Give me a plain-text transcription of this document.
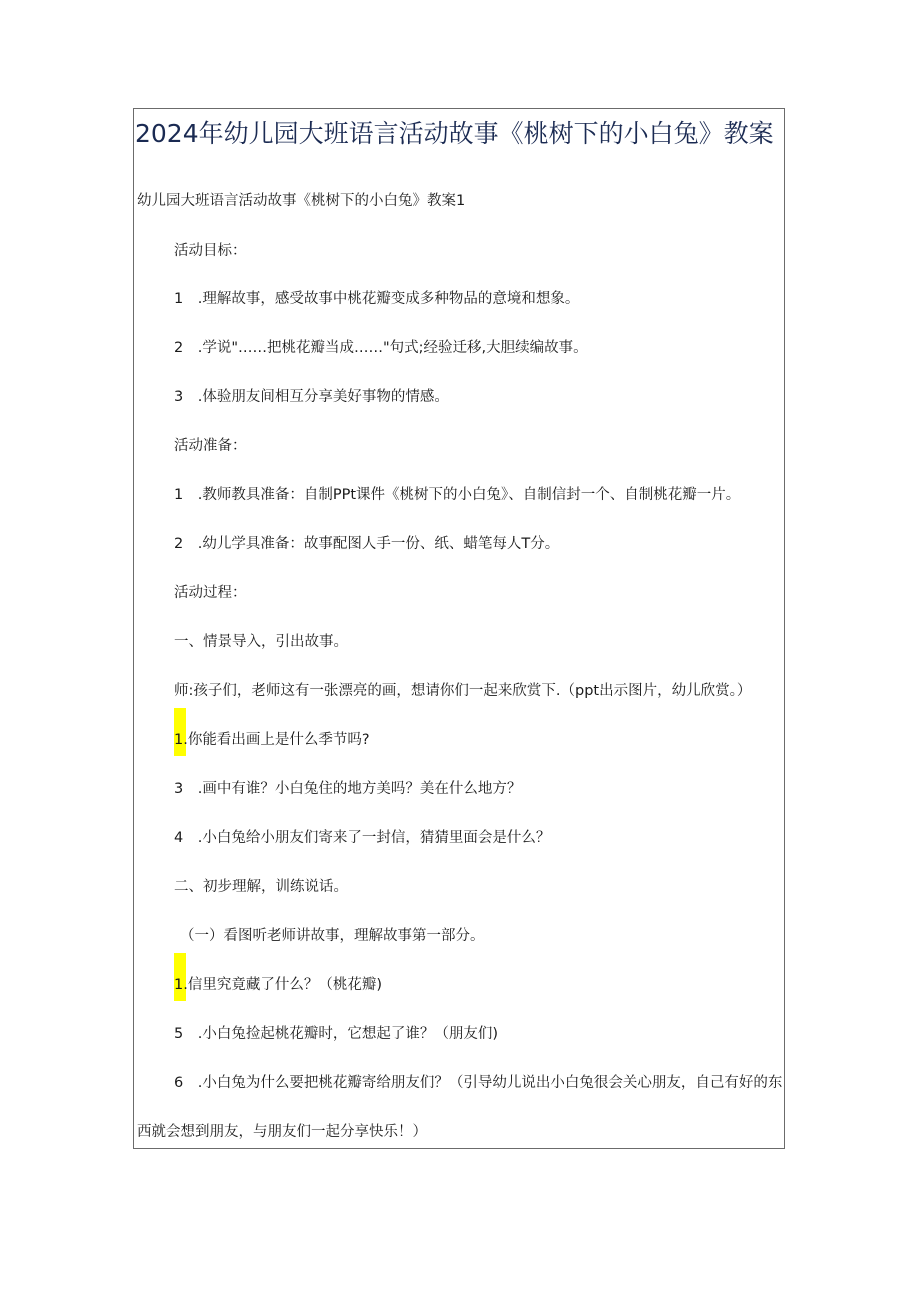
2024年幼儿园大班语言活动故事《桃树下的小白兔》教案
幼儿园大班语言活动故事《桃树下的小白兔》教案1
活动目标：
1　.理解故事，感受故事中桃花瓣变成多种物品的意境和想象。
2　.学说"……把桃花瓣当成……"句式;经验迁移,大胆续编故事。
3　.体验朋友间相互分享美好事物的情感。
活动准备：
1　.教师教具准备：自制PPt课件《桃树下的小白兔》、自制信封一个、自制桃花瓣一片。
2　.幼儿学具准备：故事配图人手一份、纸、蜡笔每人T分。
活动过程：
一、情景导入，引出故事。
师:孩子们，老师这有一张漂亮的画，想请你们一起来欣赏下.（ppt出示图片，幼儿欣赏。）
1.你能看出画上是什么季节吗?
3　.画中有谁？小白兔住的地方美吗？美在什么地方？
4　.小白兔给小朋友们寄来了一封信，猜猜里面会是什么？
二、初步理解，训练说话。
（一）看图听老师讲故事，理解故事第一部分。
1.信里究竟藏了什么？（桃花瓣)
5　.小白兔捡起桃花瓣时，它想起了谁？（朋友们)
6　.小白兔为什么要把桃花瓣寄给朋友们？（引导幼儿说出小白兔很会关心朋友，自己有好的东
西就会想到朋友，与朋友们一起分享快乐！）
